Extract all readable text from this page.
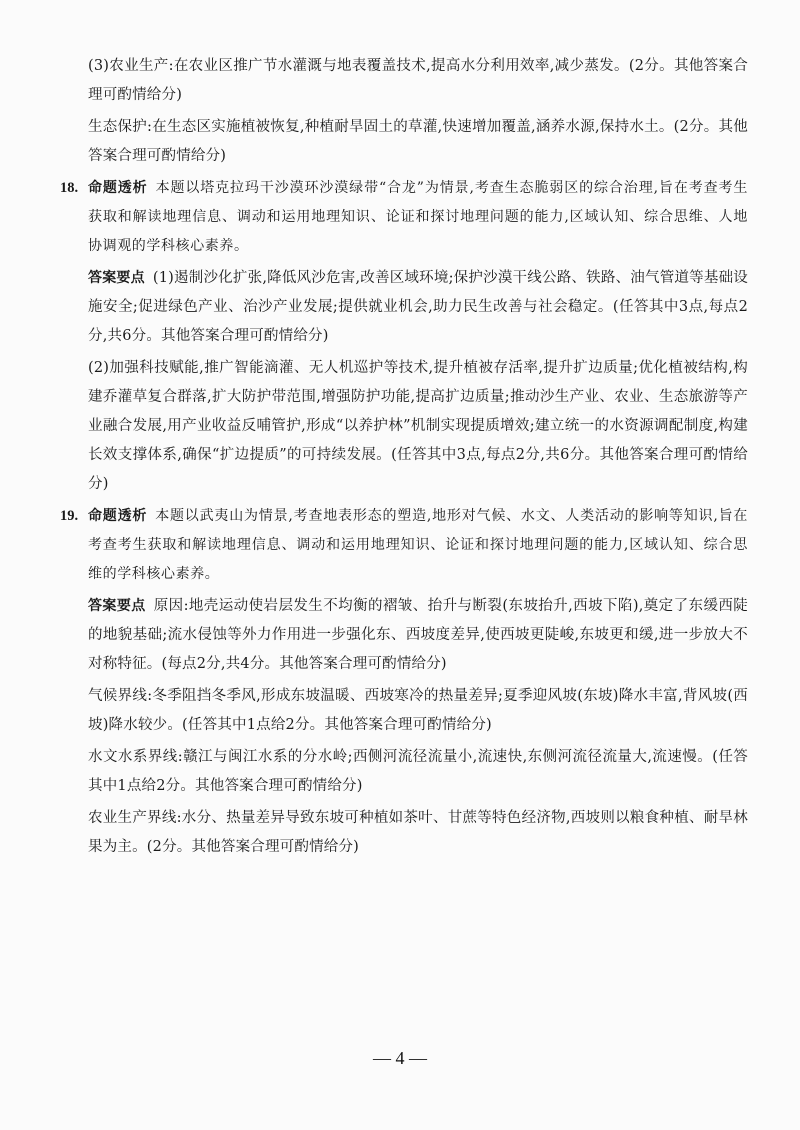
(3)农业生产:在农业区推广节水灌溉与地表覆盖技术,提高水分利用效率,减少蒸发。(2分。其他答案合理可酌情给分)

生态保护:在生态区实施植被恢复,种植耐旱固土的草灌,快速增加覆盖,涵养水源,保持水土。(2分。其他答案合理可酌情给分)

18. 命题透析 本题以塔克拉玛干沙漠环沙漠绿带“合龙”为情景,考查生态脆弱区的综合治理,旨在考查考生获取和解读地理信息、调动和运用地理知识、论证和探讨地理问题的能力,区域认知、综合思维、人地协调观的学科核心素养。

答案要点 (1)遏制沙化扩张,降低风沙危害,改善区域环境;保护沙漠干线公路、铁路、油气管道等基础设施安全;促进绿色产业、治沙产业发展;提供就业机会,助力民生改善与社会稳定。(任答其中3点,每点2分,共6分。其他答案合理可酌情给分)

(2)加强科技赋能,推广智能滴灌、无人机巡护等技术,提升植被存活率,提升扩边质量;优化植被结构,构建乔灌草复合群落,扩大防护带范围,增强防护功能,提高扩边质量;推动沙生产业、农业、生态旅游等产业融合发展,用产业收益反哺管护,形成“以养护林”机制实现提质增效;建立统一的水资源调配制度,构建长效支撑体系,确保“扩边提质”的可持续发展。(任答其中3点,每点2分,共6分。其他答案合理可酌情给分)

19. 命题透析 本题以武夷山为情景,考查地表形态的塑造,地形对气候、水文、人类活动的影响等知识,旨在考查考生获取和解读地理信息、调动和运用地理知识、论证和探讨地理问题的能力,区域认知、综合思维的学科核心素养。

答案要点 原因:地壳运动使岩层发生不均衡的褶皱、抬升与断裂(东坡抬升,西坡下陷),奠定了东缓西陡的地貌基础;流水侵蚀等外力作用进一步强化东、西坡度差异,使西坡更陡峻,东坡更和缓,进一步放大不对称特征。(每点2分,共4分。其他答案合理可酌情给分)

气候界线:冬季阻挡冬季风,形成东坡温暖、西坡寒冷的热量差异;夏季迎风坡(东坡)降水丰富,背风坡(西坡)降水较少。(任答其中1点给2分。其他答案合理可酌情给分)

水文水系界线:赣江与闽江水系的分水岭;西侧河流径流量小,流速快,东侧河流径流量大,流速慢。(任答其中1点给2分。其他答案合理可酌情给分)

农业生产界线:水分、热量差异导致东坡可种植如茶叶、甘蔗等特色经济物,西坡则以粮食种植、耐旱林果为主。(2分。其他答案合理可酌情给分)

— 4 —
